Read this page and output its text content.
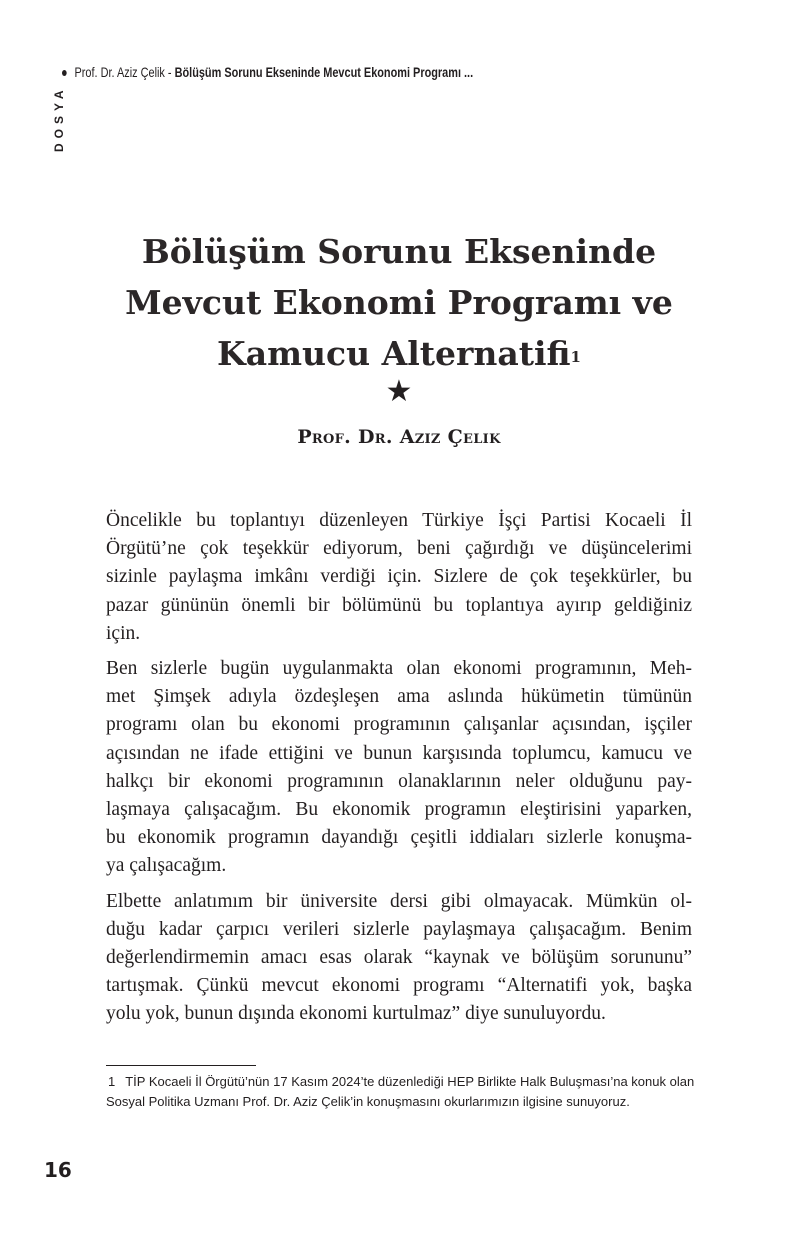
Prof. Dr. Aziz Çelik - Bölüşüm Sorunu Ekseninde Mevcut Ekonomi Programı ...
DOSYA
Bölüşüm Sorunu Ekseninde
Mevcut Ekonomi Programı ve
Kamucu Alternatifi$^1$
★
Prof. Dr. Aziz Çelik
Öncelikle bu toplantıyı düzenleyen Türkiye İşçi Partisi Kocaeli İl
Örgütü’ne çok teşekkür ediyorum, beni çağırdığı ve düşüncelerimi
sizinle paylaşma imkânı verdiği için. Sizlere de çok teşekkürler, bu
pazar gününün önemli bir bölümünü bu toplantıya ayırıp geldiğiniz
için.
Ben sizlerle bugün uygulanmakta olan ekonomi programının, Meh-
met Şimşek adıyla özdeşleşen ama aslında hükümetin tümünün
programı olan bu ekonomi programının çalışanlar açısından, işçiler
açısından ne ifade ettiğini ve bunun karşısında toplumcu, kamucu ve
halkçı bir ekonomi programının olanaklarının neler olduğunu pay-
laşmaya çalışacağım. Bu ekonomik programın eleştirisini yaparken,
bu ekonomik programın dayandığı çeşitli iddiaları sizlerle konuşma-
ya çalışacağım.
Elbette anlatımım bir üniversite dersi gibi olmayacak. Mümkün ol-
duğu kadar çarpıcı verileri sizlerle paylaşmaya çalışacağım. Benim
değerlendirmemin amacı esas olarak “kaynak ve bölüşüm sorununu”
tartışmak. Çünkü mevcut ekonomi programı “Alternatifi yok, başka
yolu yok, bunun dışında ekonomi kurtulmaz” diye sunuluyordu.
1 TİP Kocaeli İl Örgütü’nün 17 Kasım 2024’te düzenlediği HEP Birlikte Halk Buluşması’na konuk olan Sosyal Politika Uzmanı Prof. Dr. Aziz Çelik’in konuşmasını okurlarımızın ilgisine sunuyoruz.
16
